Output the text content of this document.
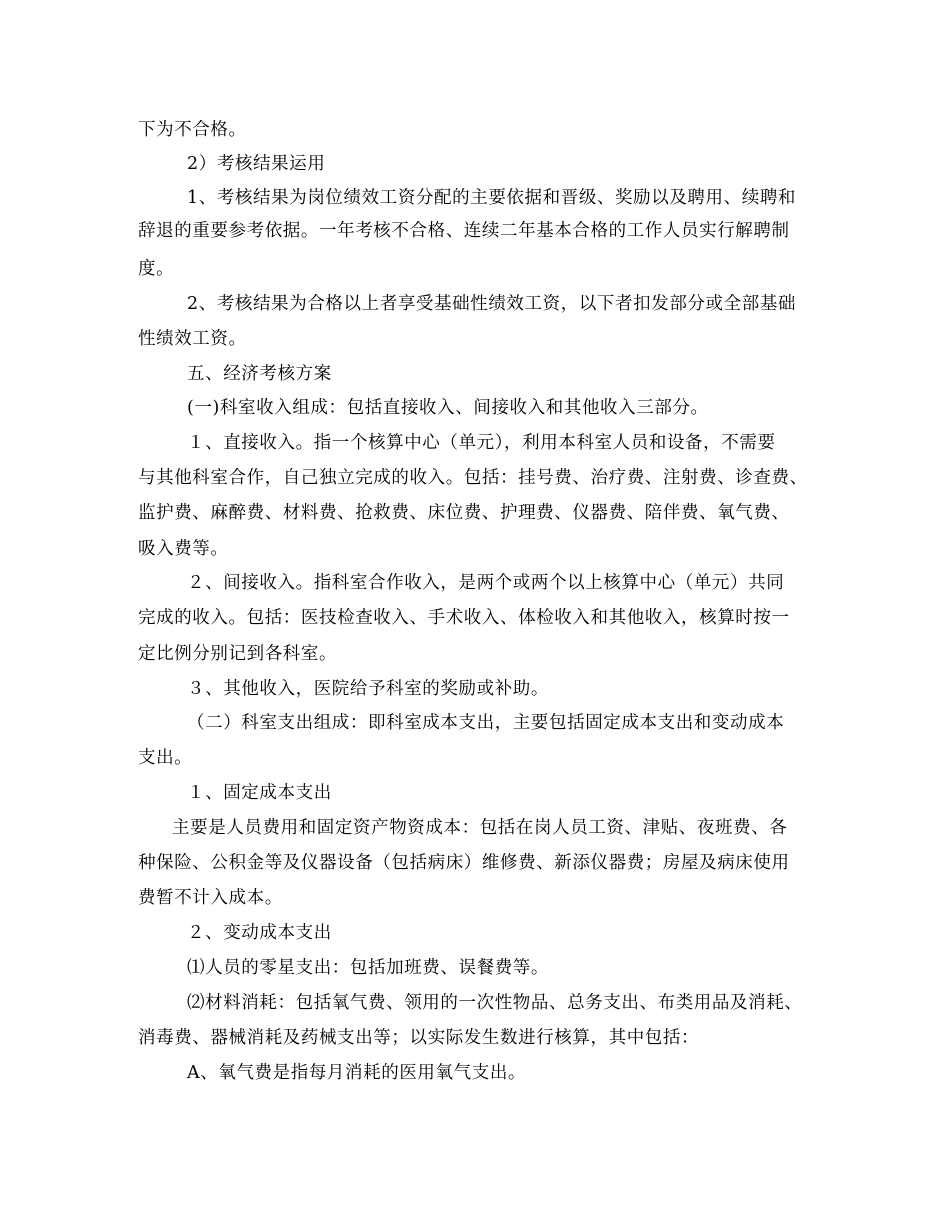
下为不合格。
2）考核结果运用
1、考核结果为岗位绩效工资分配的主要依据和晋级、奖励以及聘用、续聘和
辞退的重要参考依据。一年考核不合格、连续二年基本合格的工作人员实行解聘制
度。
2、考核结果为合格以上者享受基础性绩效工资，以下者扣发部分或全部基础
性绩效工资。
五、经济考核方案
(一)科室收入组成：包括直接收入、间接收入和其他收入三部分。
１、直接收入。指一个核算中心（单元），利用本科室人员和设备，不需要
与其他科室合作，自己独立完成的收入。包括：挂号费、治疗费、注射费、诊查费、
监护费、麻醉费、材料费、抢救费、床位费、护理费、仪器费、陪伴费、氧气费、
吸入费等。
２、间接收入。指科室合作收入，是两个或两个以上核算中心（单元）共同
完成的收入。包括：医技检查收入、手术收入、体检收入和其他收入，核算时按一
定比例分别记到各科室。
３、其他收入，医院给予科室的奖励或补助。
（二）科室支出组成：即科室成本支出，主要包括固定成本支出和变动成本
支出。
１、固定成本支出
主要是人员费用和固定资产物资成本：包括在岗人员工资、津贴、夜班费、各
种保险、公积金等及仪器设备（包括病床）维修费、新添仪器费；房屋及病床使用
费暂不计入成本。
２、变动成本支出
⑴人员的零星支出：包括加班费、误餐费等。
⑵材料消耗：包括氧气费、领用的一次性物品、总务支出、布类用品及消耗、
消毒费、器械消耗及药械支出等；以实际发生数进行核算，其中包括：
A、氧气费是指每月消耗的医用氧气支出。
